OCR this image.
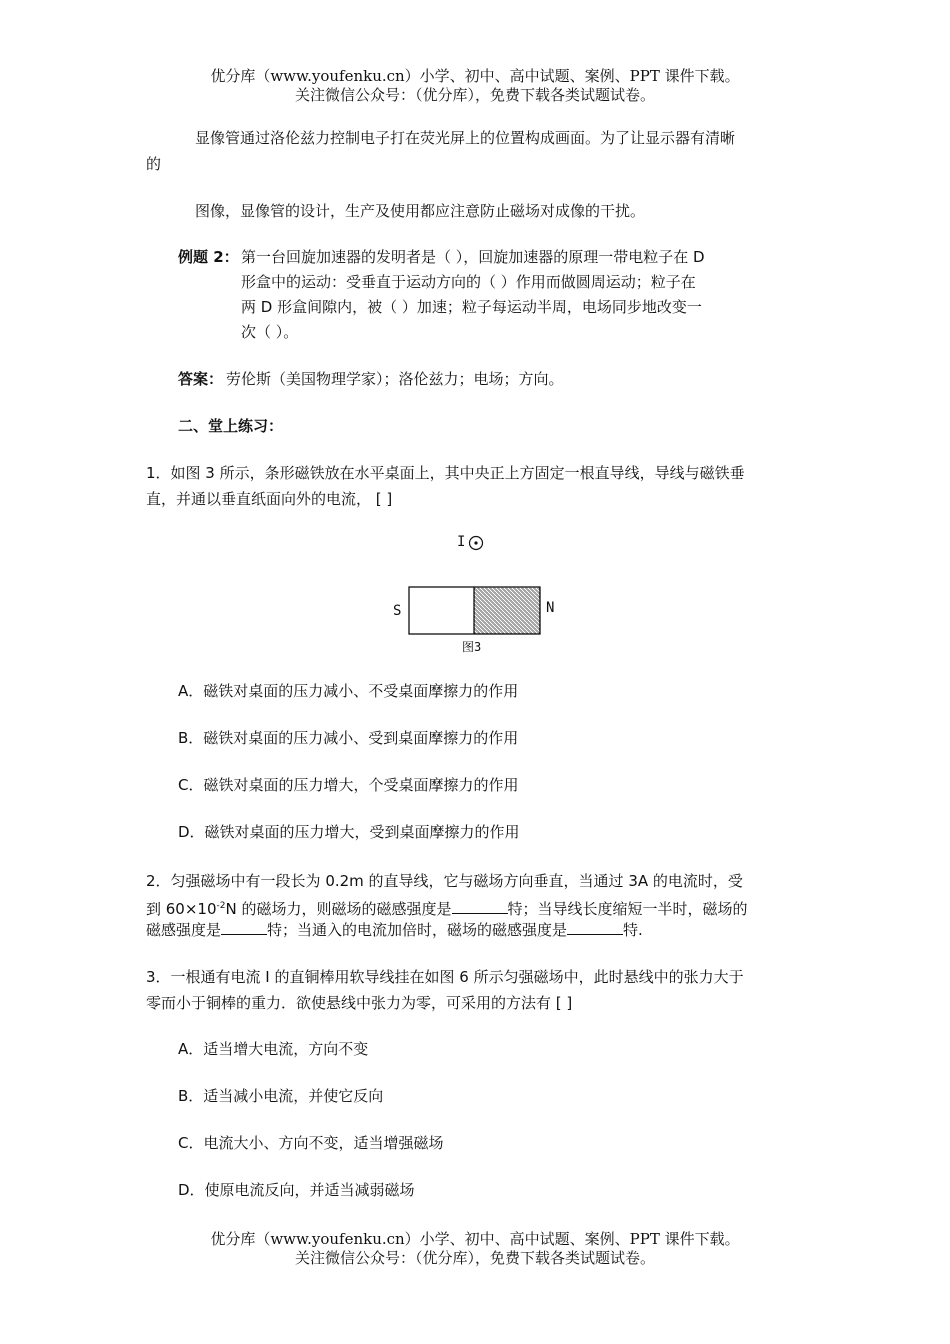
优分库（www.youfenku.cn）小学、初中、高中试题、案例、PPT 课件下载。
关注微信公众号：（优分库），免费下载各类试题试卷。
显像管通过洛伦兹力控制电子打在荧光屏上的位置构成画面。为了让显示器有清晰
的
图像，显像管的设计，生产及使用都应注意防止磁场对成像的干扰。
例题 2： 第一台回旋加速器的发明者是（ ），回旋加速器的原理一带电粒子在 D
形盒中的运动：受垂直于运动方向的（ ）作用而做圆周运动；粒子在
两 D 形盒间隙内，被（ ）加速；粒子每运动半周，电场同步地改变一
次（ ）。
答案： 劳伦斯（美国物理学家）；洛伦兹力；电场；方向。
二、堂上练习：
1．如图 3 所示，条形磁铁放在水平桌面上，其中央正上方固定一根直导线，导线与磁铁垂
直，并通以垂直纸面向外的电流， [ ]
I
S	N
图3
A．磁铁对桌面的压力减小、不受桌面摩擦力的作用
B．磁铁对桌面的压力减小、受到桌面摩擦力的作用
C．磁铁对桌面的压力增大，个受桌面摩擦力的作用
D．磁铁对桌面的压力增大，受到桌面摩擦力的作用
2．匀强磁场中有一段长为 0.2m 的直导线，它与磁场方向垂直，当通过 3A 的电流时，受
到 $60\times 10^{-2}N$ 的磁场力，则磁场的磁感强度是	特；当导线长度缩短一半时，磁场的
磁感强度是	特；当通入的电流加倍时，磁场的磁感强度是	特.
3．一根通有电流 I 的直铜棒用软导线挂在如图 6 所示匀强磁场中，此时悬线中的张力大于
零而小于铜棒的重力．欲使悬线中张力为零，可采用的方法有 [ ]
A．适当增大电流，方向不变
B．适当减小电流，并使它反向
C．电流大小、方向不变，适当增强磁场
D．使原电流反向，并适当减弱磁场
优分库（www.youfenku.cn）小学、初中、高中试题、案例、PPT 课件下载。
关注微信公众号：（优分库），免费下载各类试题试卷。
